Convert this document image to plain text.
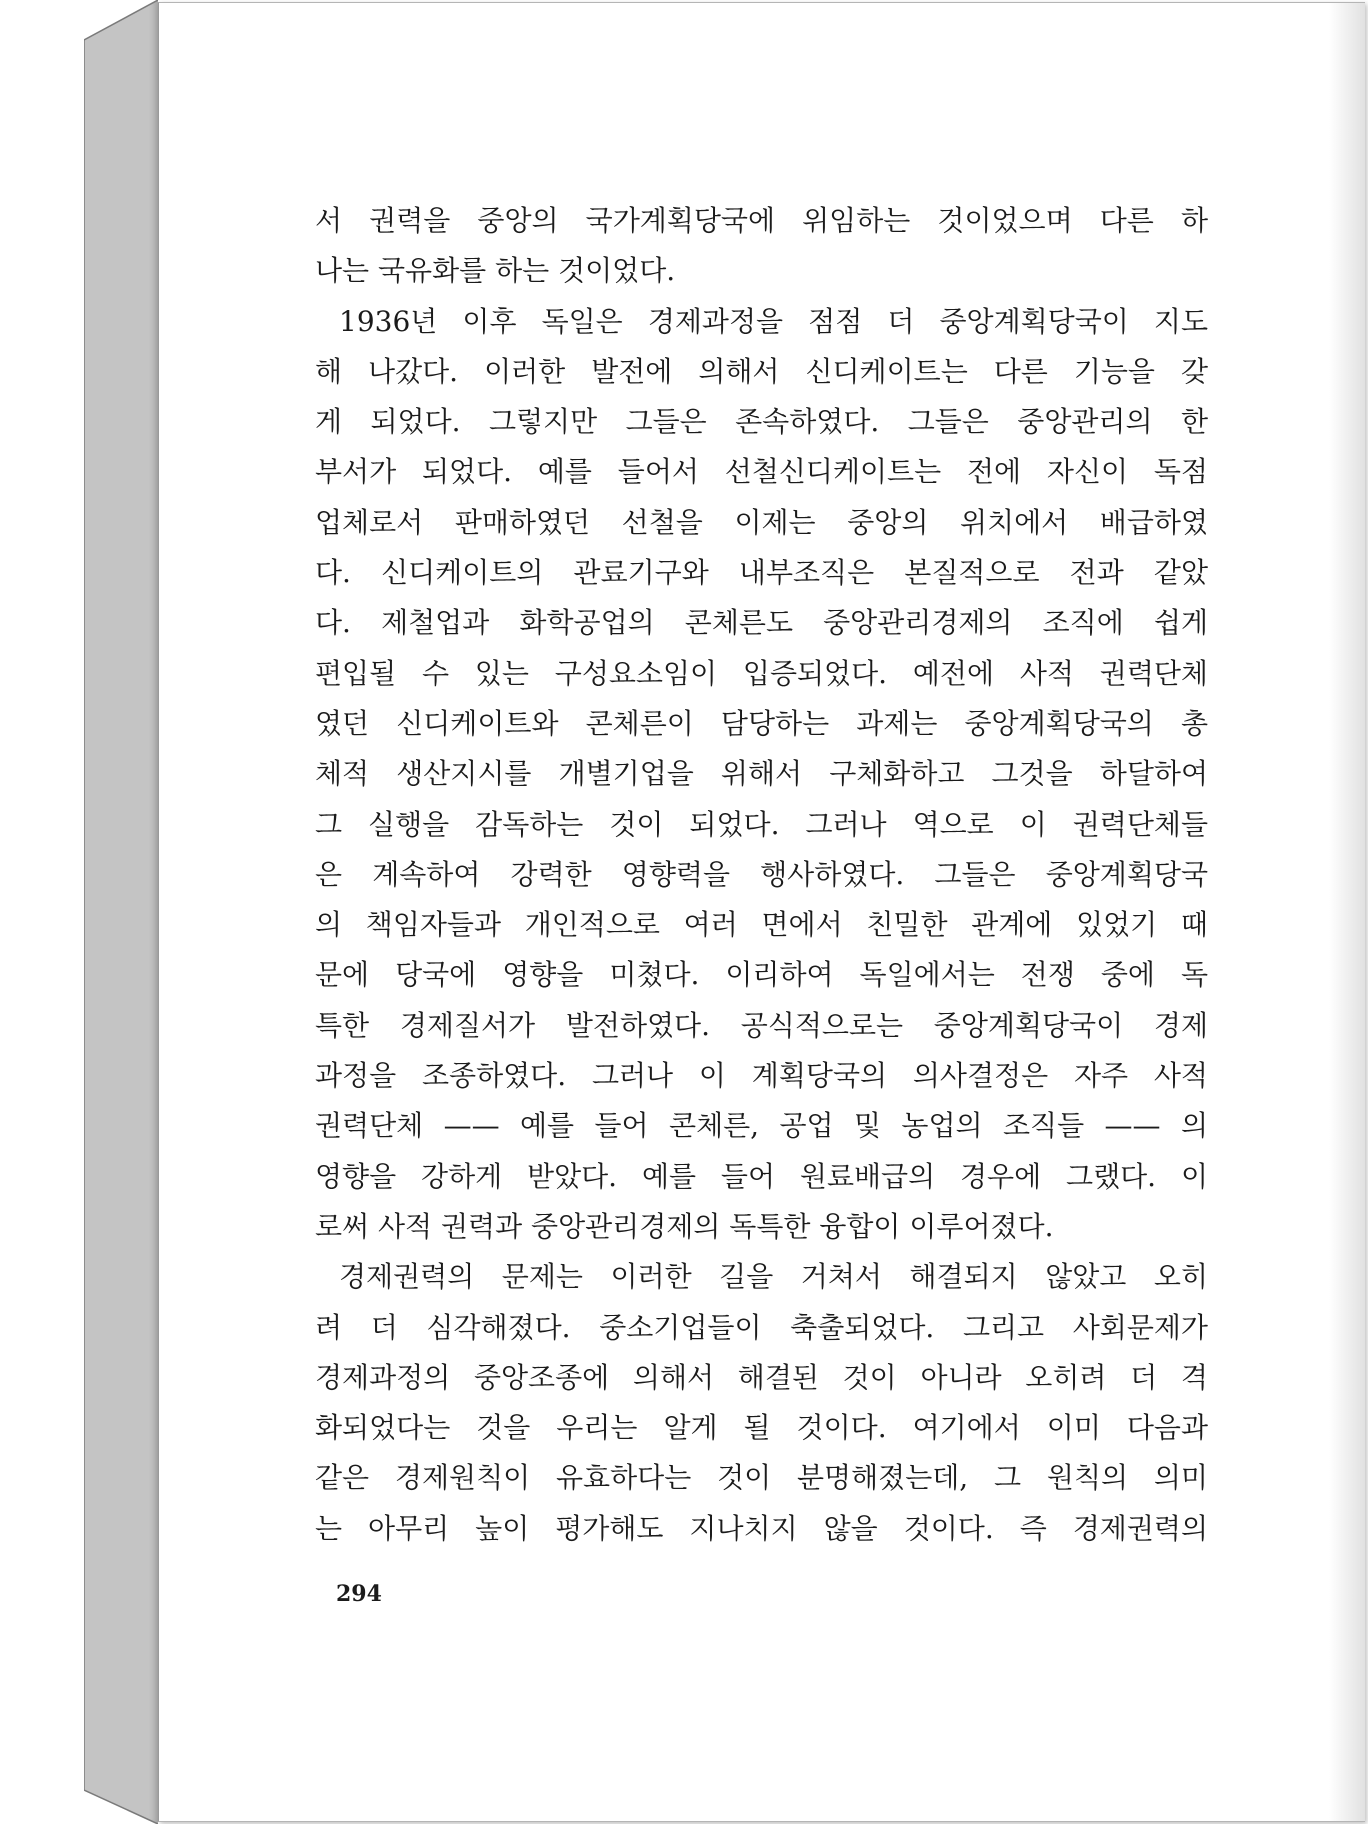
서 권력을 중앙의 국가계획당국에 위임하는 것이었으며 다른 하
나는 국유화를 하는 것이었다.
1936년 이후 독일은 경제과정을 점점 더 중앙계획당국이 지도
해 나갔다. 이러한 발전에 의해서 신디케이트는 다른 기능을 갖
게 되었다. 그렇지만 그들은 존속하였다. 그들은 중앙관리의 한
부서가 되었다. 예를 들어서 선철신디케이트는 전에 자신이 독점
업체로서 판매하였던 선철을 이제는 중앙의 위치에서 배급하였
다. 신디케이트의 관료기구와 내부조직은 본질적으로 전과 같았
다. 제철업과 화학공업의 콘체른도 중앙관리경제의 조직에 쉽게
편입될 수 있는 구성요소임이 입증되었다. 예전에 사적 권력단체
였던 신디케이트와 콘체른이 담당하는 과제는 중앙계획당국의 총
체적 생산지시를 개별기업을 위해서 구체화하고 그것을 하달하여
그 실행을 감독하는 것이 되었다. 그러나 역으로 이 권력단체들
은 계속하여 강력한 영향력을 행사하였다. 그들은 중앙계획당국
의 책임자들과 개인적으로 여러 면에서 친밀한 관계에 있었기 때
문에 당국에 영향을 미쳤다. 이리하여 독일에서는 전쟁 중에 독
특한 경제질서가 발전하였다. 공식적으로는 중앙계획당국이 경제
과정을 조종하였다. 그러나 이 계획당국의 의사결정은 자주 사적
권력단체 —— 예를 들어 콘체른, 공업 및 농업의 조직들 —— 의
영향을 강하게 받았다. 예를 들어 원료배급의 경우에 그랬다. 이
로써 사적 권력과 중앙관리경제의 독특한 융합이 이루어졌다.
경제권력의 문제는 이러한 길을 거쳐서 해결되지 않았고 오히
려 더 심각해졌다. 중소기업들이 축출되었다. 그리고 사회문제가
경제과정의 중앙조종에 의해서 해결된 것이 아니라 오히려 더 격
화되었다는 것을 우리는 알게 될 것이다. 여기에서 이미 다음과
같은 경제원칙이 유효하다는 것이 분명해졌는데, 그 원칙의 의미
는 아무리 높이 평가해도 지나치지 않을 것이다. 즉 경제권력의
294
